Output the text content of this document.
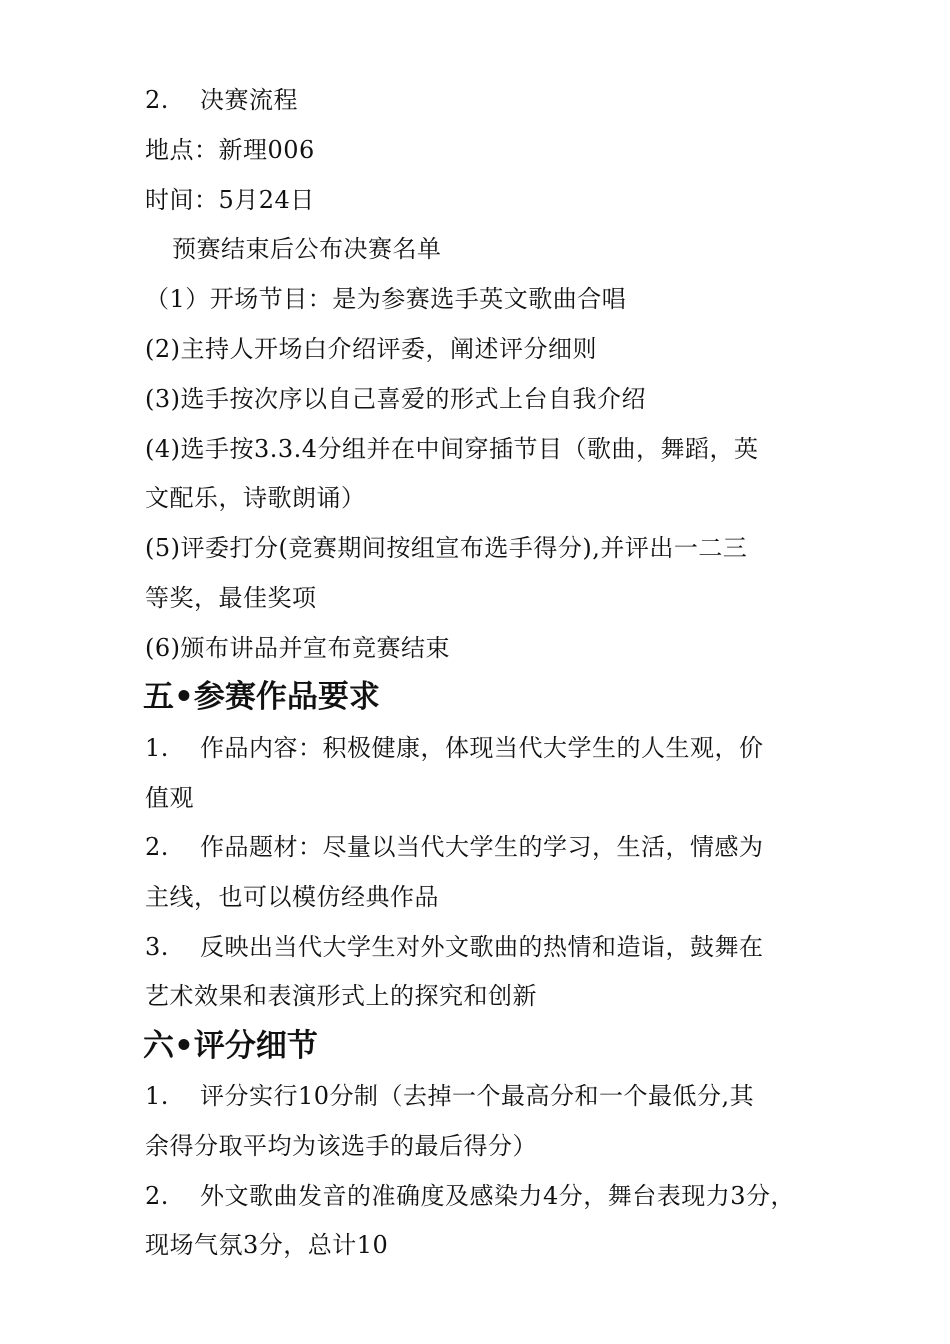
2. 决赛流程
地点：新理006
时间：5月24日
预赛结束后公布决赛名单
（1）开场节目：是为参赛选手英文歌曲合唱
(2)主持人开场白介绍评委，阐述评分细则
(3)选手按次序以自己喜爱的形式上台自我介绍
(4)选手按3.3.4分组并在中间穿插节目（歌曲，舞蹈，英
文配乐，诗歌朗诵）
(5)评委打分(竞赛期间按组宣布选手得分),并评出一二三
等奖，最佳奖项
(6)颁布讲品并宣布竞赛结束
五•参赛作品要求
1. 作品内容：积极健康，体现当代大学生的人生观，价
值观
2. 作品题材：尽量以当代大学生的学习，生活，情感为
主线，也可以模仿经典作品
3. 反映出当代大学生对外文歌曲的热情和造诣，鼓舞在
艺术效果和表演形式上的探究和创新
六•评分细节
1. 评分实行10分制（去掉一个最高分和一个最低分,其
余得分取平均为该选手的最后得分）
2. 外文歌曲发音的准确度及感染力4分，舞台表现力3分，
现场气氛3分，总计10
